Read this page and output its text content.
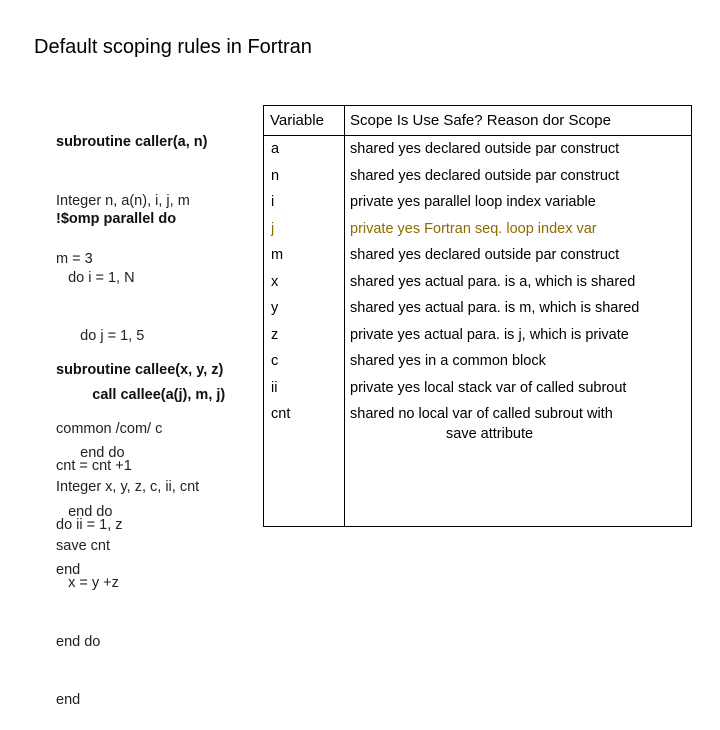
Default scoping rules in Fortran

subroutine caller(a, n)

Integer n, a(n), i, j, m

m = 3

!$omp parallel do

do i = 1, N

do j = 1, 5

call callee(a(j), m, j)

end do

end do

end

subroutine callee(x, y, z)

common /com/ c

Integer x, y, z, c, ii, cnt

save cnt

cnt = cnt +1

do ii = 1, z

x = y +z

end do

end

Variable Scope Is Use Safe? Reason dor Scope
a	shared yes declared outside par construct
n	shared yes declared outside par construct
i	private yes parallel loop index variable
j	private yes Fortran seq. loop index var
m	shared yes declared outside par construct
x	shared yes actual para. is a, which is shared
y	shared yes actual para. is m, which is shared
z	private yes actual para. is j, which is private
c	shared yes in a common block
ii	private yes local stack var of called subrout
cnt	shared no local var of called subrout with
save attribute
